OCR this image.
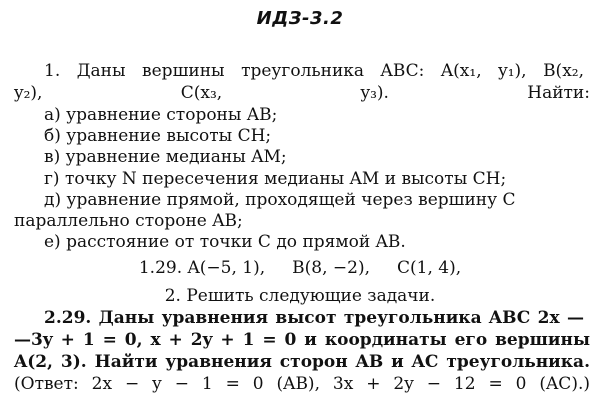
ИДЗ-3.2
1. Даны вершины треугольника ABC: A(x₁, y₁), B(x₂,
y₂), C(x₃, y₃). Найти:
а) уравнение стороны AB;
б) уравнение высоты CH;
в) уравнение медианы AM;
г) точку N пересечения медианы AM и высоты CH;
д) уравнение прямой, проходящей через вершину C
параллельно стороне AB;
е) расстояние от точки C до прямой AB.
1.29. A(−5, 1),     B(8, −2),     C(1, 4),
2. Решить следующие задачи.
2.29. Даны уравнения высот треугольника ABC 2x —
—3y + 1 = 0, x + 2y + 1 = 0 и координаты его вершины
A(2, 3). Найти уравнения сторон AB и AC треугольника.
(Ответ: 2x − y − 1 = 0 (AB), 3x + 2y − 12 = 0 (AC).)
